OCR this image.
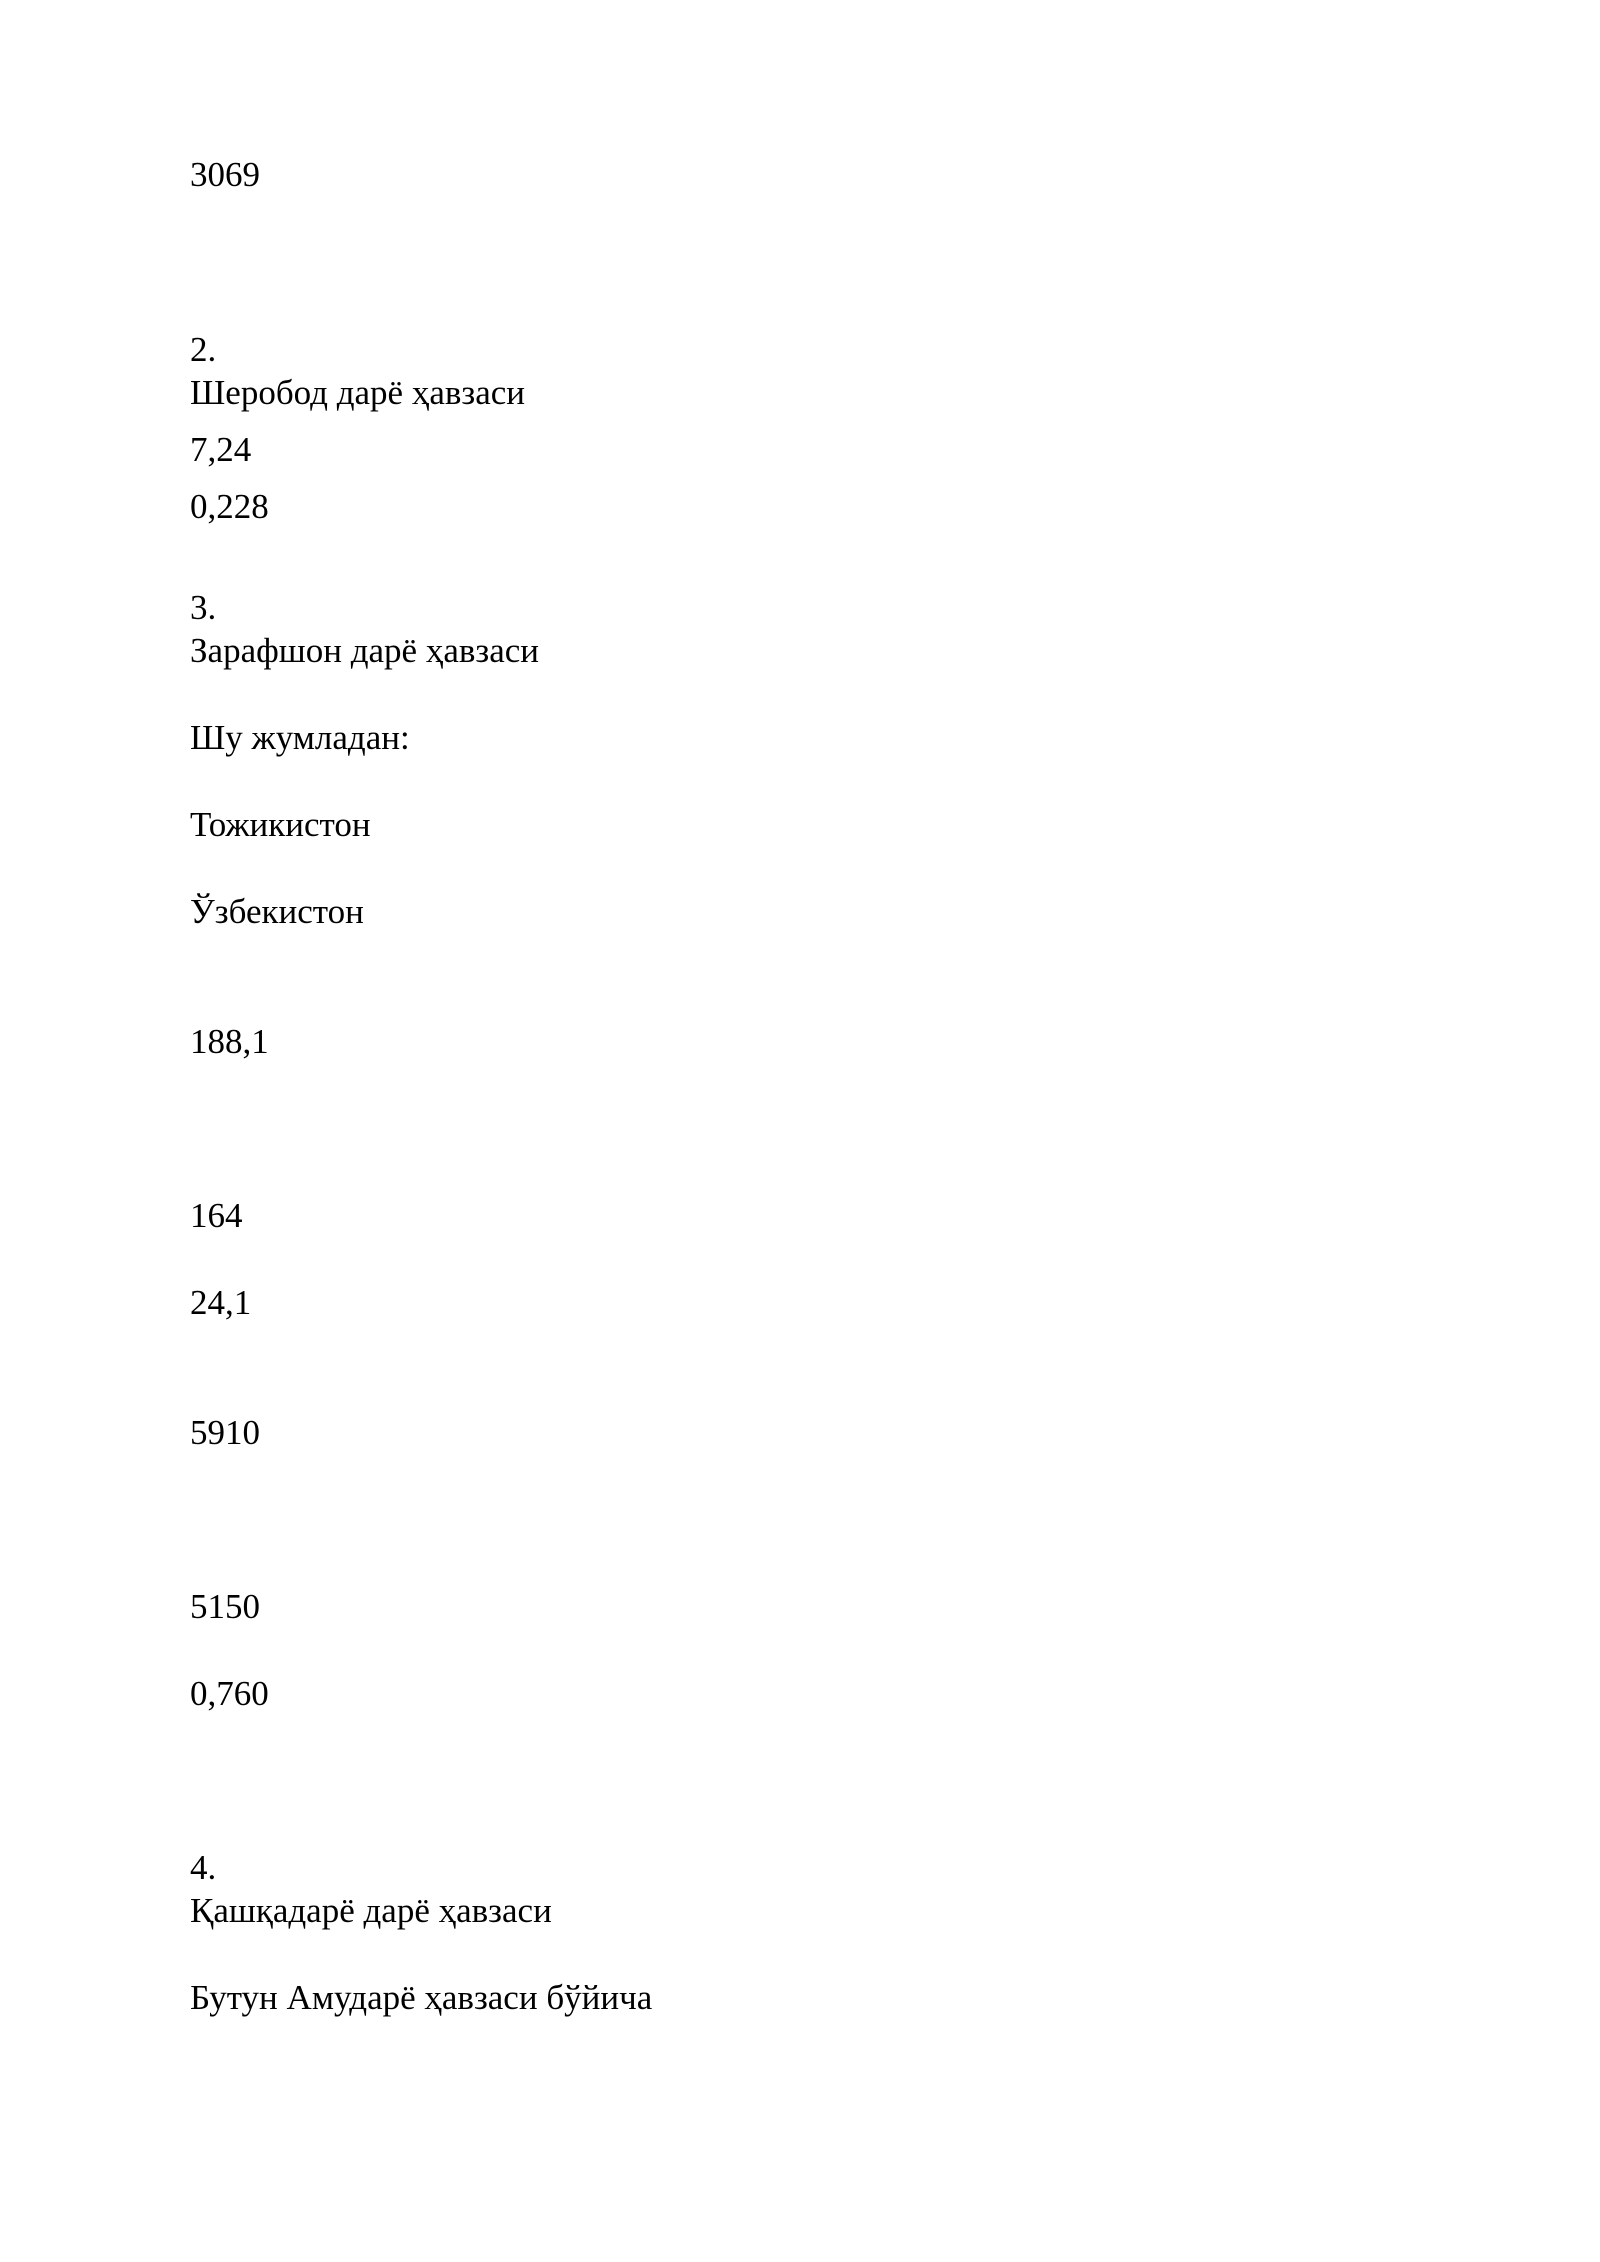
3069
2.
Шеробод дарё ҳавзаси
7,24
0,228
3.
Зарафшон дарё ҳавзаси
Шу жумладан:
Тожикистон
Ўзбекистон
188,1
164
24,1
5910
5150
0,760
4.
Қашқадарё дарё ҳавзаси
Бутун Амударё ҳавзаси бўйича
